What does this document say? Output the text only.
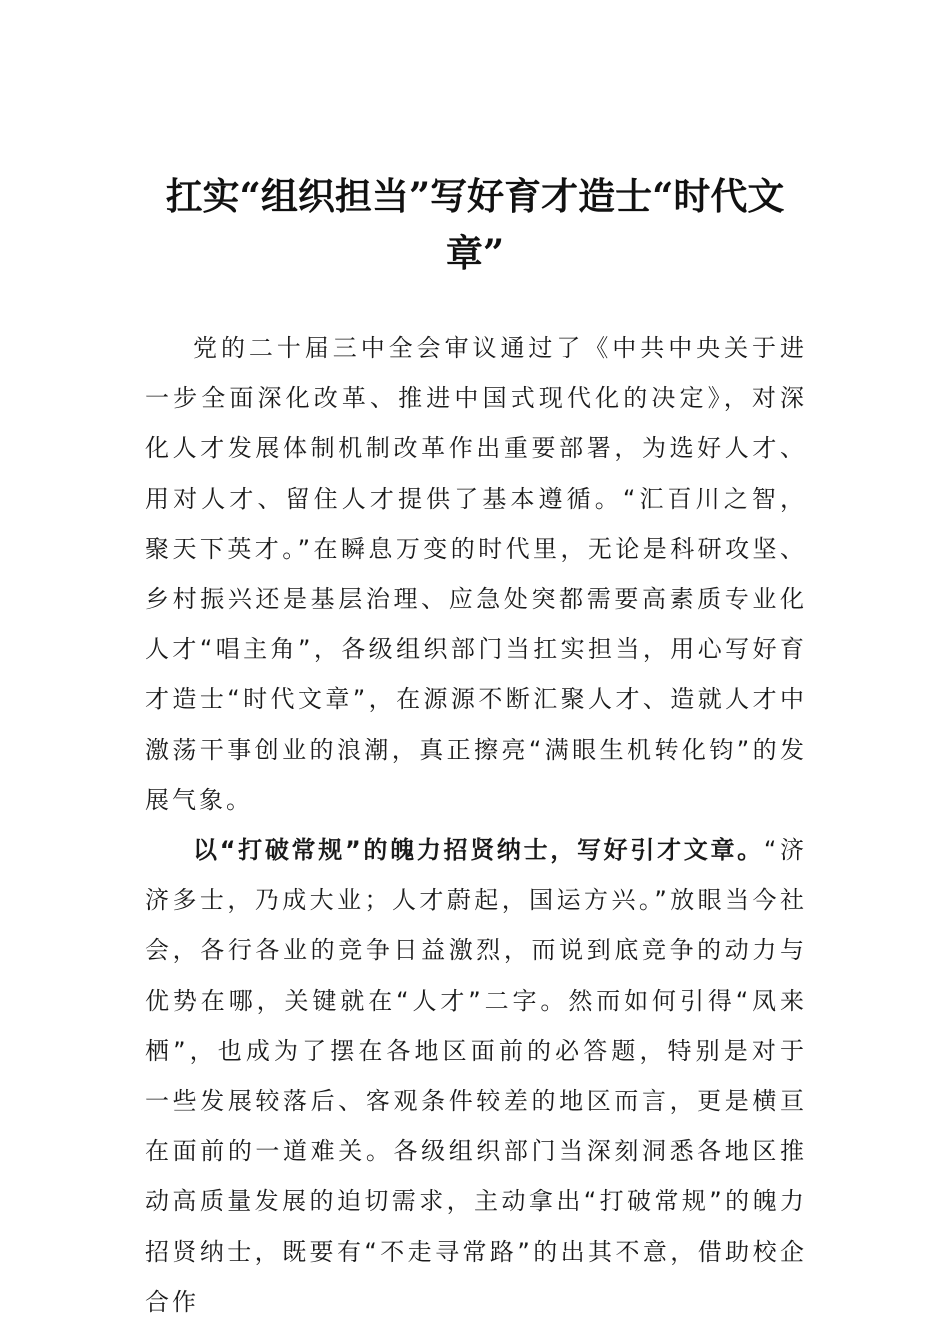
扛实“组织担当”写好育才造士“时代文章”

党的二十届三中全会审议通过了《中共中央关于进一步全面深化改革、推进中国式现代化的决定》，对深化人才发展体制机制改革作出重要部署，为选好人才、用对人才、留住人才提供了基本遵循。“汇百川之智，聚天下英才。”在瞬息万变的时代里，无论是科研攻坚、乡村振兴还是基层治理、应急处突都需要高素质专业化人才“唱主角”，各级组织部门当扛实担当，用心写好育才造士“时代文章”，在源源不断汇聚人才、造就人才中激荡干事创业的浪潮，真正擦亮“满眼生机转化钧”的发展气象。

以“打破常规”的魄力招贤纳士，写好引才文章。“济济多士，乃成大业；人才蔚起，国运方兴。”放眼当今社会，各行各业的竞争日益激烈，而说到底竞争的动力与优势在哪，关键就在“人才”二字。然而如何引得“凤来栖”，也成为了摆在各地区面前的必答题，特别是对于一些发展较落后、客观条件较差的地区而言，更是横亘在面前的一道难关。各级组织部门当深刻洞悉各地区推动高质量发展的迫切需求，主动拿出“打破常规”的魄力招贤纳士，既要有“不走寻常路”的出其不意，借助校企合作
